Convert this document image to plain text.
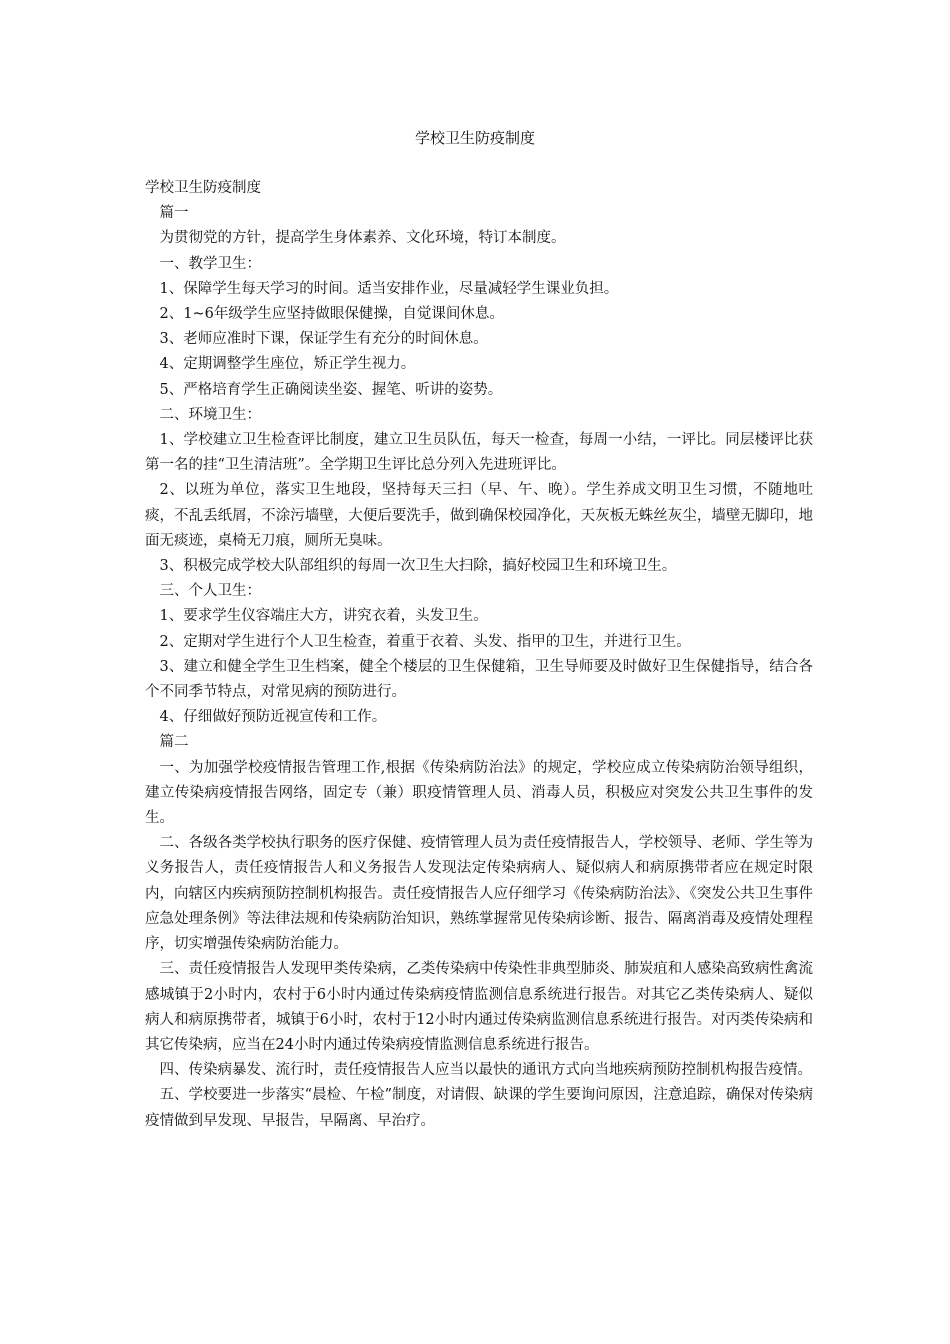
学校卫生防疫制度

学校卫生防疫制度

篇一

为贯彻党的方针，提高学生身体素养、文化环境，特订本制度。

一、教学卫生：

1、保障学生每天学习的时间。适当安排作业，尽量减轻学生课业负担。

2、1~6年级学生应坚持做眼保健操，自觉课间休息。

3、老师应准时下课，保证学生有充分的时间休息。

4、定期调整学生座位，矫正学生视力。

5、严格培育学生正确阅读坐姿、握笔、听讲的姿势。

二、环境卫生：

1、学校建立卫生检查评比制度，建立卫生员队伍，每天一检查，每周一小结，一评比。同层楼评比获第一名的挂“卫生清洁班”。全学期卫生评比总分列入先进班评比。

2、以班为单位，落实卫生地段，坚持每天三扫（早、午、晚）。学生养成文明卫生习惯，不随地吐痰，不乱丢纸屑，不涂污墙壁，大便后要洗手，做到确保校园净化，天灰板无蛛丝灰尘，墙壁无脚印，地面无痰迹，桌椅无刀痕，厕所无臭味。

3、积极完成学校大队部组织的每周一次卫生大扫除，搞好校园卫生和环境卫生。

三、个人卫生：

1、要求学生仪容端庄大方，讲究衣着，头发卫生。

2、定期对学生进行个人卫生检查，着重于衣着、头发、指甲的卫生，并进行卫生。

3、建立和健全学生卫生档案，健全个楼层的卫生保健箱，卫生导师要及时做好卫生保健指导，结合各个不同季节特点，对常见病的预防进行。

4、仔细做好预防近视宣传和工作。

篇二

一、为加强学校疫情报告管理工作,根据《传染病防治法》的规定，学校应成立传染病防治领导组织，建立传染病疫情报告网络，固定专（兼）职疫情管理人员、消毒人员，积极应对突发公共卫生事件的发生。

二、各级各类学校执行职务的医疗保健、疫情管理人员为责任疫情报告人，学校领导、老师、学生等为义务报告人，责任疫情报告人和义务报告人发现法定传染病病人、疑似病人和病原携带者应在规定时限内，向辖区内疾病预防控制机构报告。责任疫情报告人应仔细学习《传染病防治法》、《突发公共卫生事件应急处理条例》等法律法规和传染病防治知识，熟练掌握常见传染病诊断、报告、隔离消毒及疫情处理程序，切实增强传染病防治能力。

三、责任疫情报告人发现甲类传染病，乙类传染病中传染性非典型肺炎、肺炭疽和人感染高致病性禽流感城镇于2小时内，农村于6小时内通过传染病疫情监测信息系统进行报告。对其它乙类传染病人、疑似病人和病原携带者，城镇于6小时，农村于12小时内通过传染病监测信息系统进行报告。对丙类传染病和其它传染病，应当在24小时内通过传染病疫情监测信息系统进行报告。

四、传染病暴发、流行时，责任疫情报告人应当以最快的通讯方式向当地疾病预防控制机构报告疫情。

五、学校要进一步落实“晨检、午检”制度，对请假、缺课的学生要询问原因，注意追踪，确保对传染病疫情做到早发现、早报告，早隔离、早治疗。
